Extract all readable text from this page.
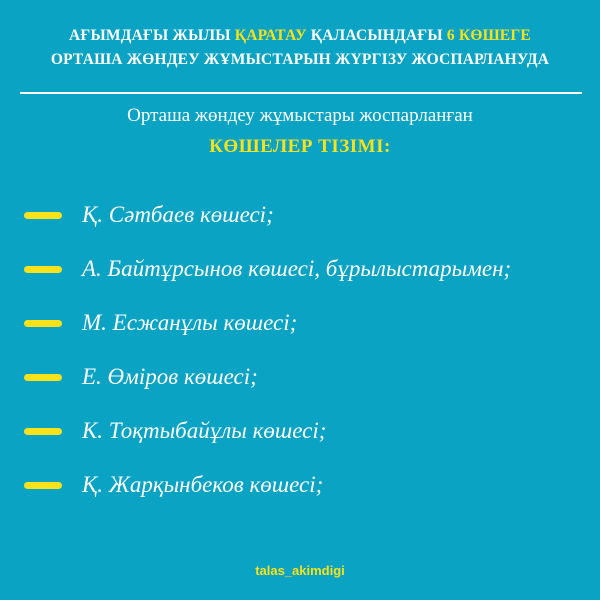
АҒЫМДАҒЫ ЖЫЛЫ ҚАРАТАУ ҚАЛАСЫНДАҒЫ 6 КӨШЕГЕ
ОРТАША ЖӨНДЕУ ЖҰМЫСТАРЫН ЖҮРГІЗУ ЖОСПАРЛАНУДА
Орташа жөндеу жұмыстары жоспарланған
КӨШЕЛЕР ТІЗІМІ:
Қ. Сәтбаев көшесі;
А. Байтұрсынов көшесі, бұрылыстарымен;
М. Есжанұлы көшесі;
Е. Өміров көшесі;
К. Тоқтыбайұлы көшесі;
Қ. Жарқынбеков көшесі;
talas_akimdigi
